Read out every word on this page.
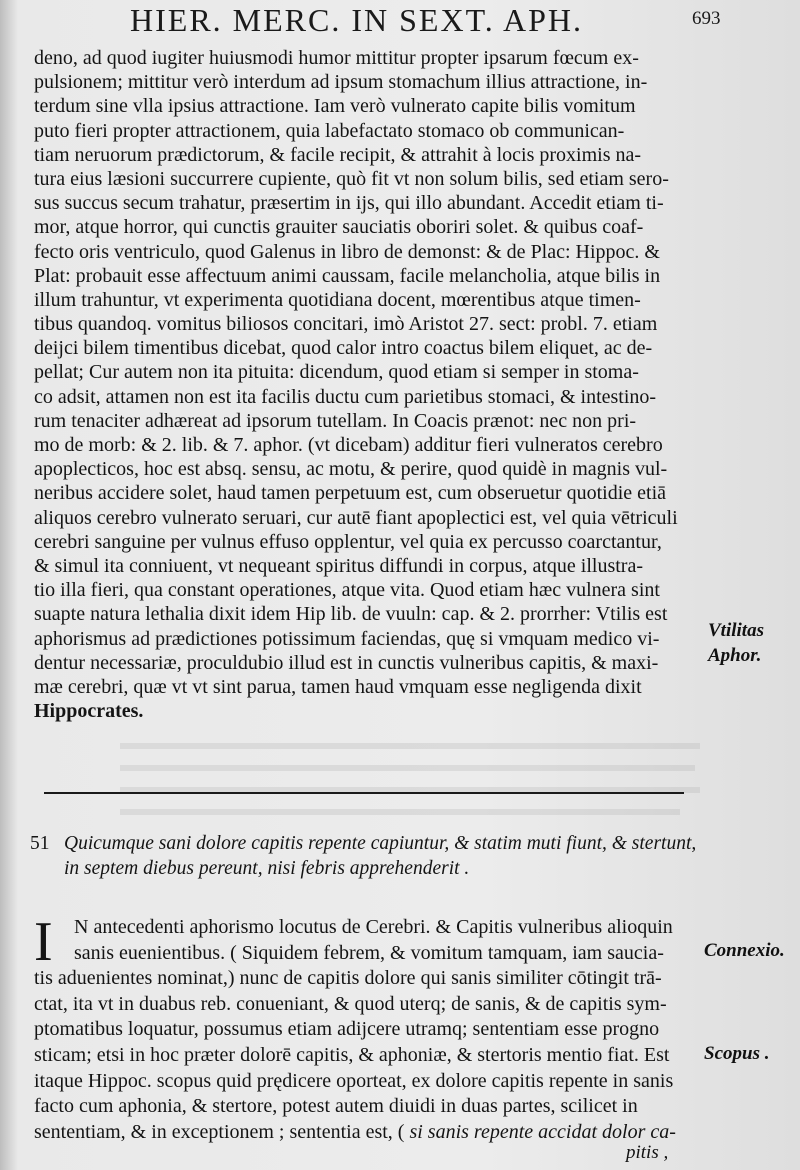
HIER. MERC. IN SEXT. APH.	693
deno, ad quod iugiter huiusmodi humor mittitur propter ipsarum fœcum ex-
pulsionem; mittitur verò interdum ad ipsum stomachum illius attractione, in-
terdum sine vlla ipsius attractione. Iam verò vulnerato capite bilis vomitum
puto fieri propter attractionem, quia labefactato stomaco ob communican-
tiam neruorum prædictorum, & facile recipit, & attrahit à locis proximis na-
tura eius læsioni succurrere cupiente, quò fit vt non solum bilis, sed etiam sero-
sus succus secum trahatur, præsertim in ijs, qui illo abundant. Accedit etiam ti-
mor, atque horror, qui cunctis grauiter sauciatis oboriri solet. & quibus coaf-
fecto oris ventriculo, quod Galenus in libro de demonst: & de Plac: Hippoc. &
Plat: probauit esse affectuum animi caussam, facile melancholia, atque bilis in
illum trahuntur, vt experimenta quotidiana docent, mœrentibus atque timen-
tibus quandoq. vomitus biliosos concitari, imò Aristot 27. sect: probl. 7. etiam
deijci bilem timentibus dicebat, quod calor intro coactus bilem eliquet, ac de-
pellat; Cur autem non ita pituita: dicendum, quod etiam si semper in stoma-
co adsit, attamen non est ita facilis ductu cum parietibus stomaci, & intestino-
rum tenaciter adhæreat ad ipsorum tutellam. In Coacis prænot: nec non pri-
mo de morb: & 2. lib. & 7. aphor. (vt dicebam) additur fieri vulneratos cerebro
apoplecticos, hoc est absq. sensu, ac motu, & perire, quod quidè in magnis vul-
neribus accidere solet, haud tamen perpetuum est, cum obseruetur quotidie etiā
aliquos cerebro vulnerato seruari, cur autē fiant apoplectici est, vel quia vētriculi
cerebri sanguine per vulnus effuso opplentur, vel quia ex percusso coarctantur,
& simul ita conniuent, vt nequeant spiritus diffundi in corpus, atque illustra-
tio illa fieri, qua constant operationes, atque vita. Quod etiam hæc vulnera sint
suapte natura lethalia dixit idem Hip lib. de vuuln: cap. & 2. prorrher: Vtilis est
aphorismus ad prædictiones potissimum faciendas, quę si vmquam medico vi-
dentur necessariæ, proculdubio illud est in cunctis vulneribus capitis, & maxi-
mæ cerebri, quæ vt vt sint parua, tamen haud vmquam esse negligenda dixit
Hippocrates.
Vtilitas
Aphor.
51 Quicumque sani dolore capitis repente capiuntur, & statim muti fiunt, & stertunt,
in septem diebus pereunt, nisi febris apprehenderit .
I	N antecedenti aphorismo locutus de Cerebri. & Capitis vulneribus alioquin
sanis euenientibus. ( Siquidem febrem, & vomitum tamquam, iam saucia-
tis aduenientes nominat,) nunc de capitis dolore qui sanis similiter cōtingit trā-
ctat, ita vt in duabus reb. conueniant, & quod uterq; de sanis, & de capitis sym-
ptomatibus loquatur, possumus etiam adijcere utramq; sententiam esse progno
sticam; etsi in hoc præter dolorē capitis, & aphoniæ, & stertoris mentio fiat. Est
itaque Hippoc. scopus quid prędicere oporteat, ex dolore capitis repente in sanis
facto cum aphonia, & stertore, potest autem diuidi in duas partes, scilicet in
sententiam, & in exceptionem ; sententia est, ( si sanis repente accidat dolor ca-
Connexio.
Scopus .
pitis ,
